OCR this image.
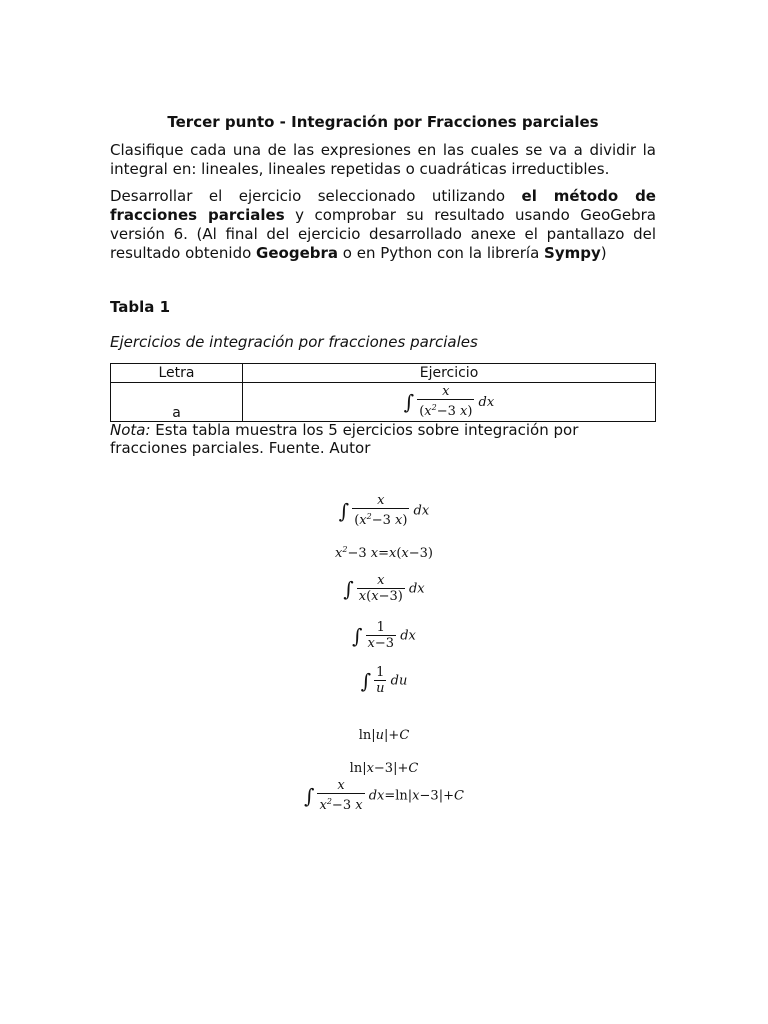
Tercer punto - Integración por Fracciones parciales
Clasifique cada una de las expresiones en las cuales se va a dividir la integral en: lineales, lineales repetidas o cuadráticas irreductibles.
Desarrollar el ejercicio seleccionado utilizando el método de fracciones parciales y comprobar su resultado usando GeoGebra versión 6. (Al final del ejercicio desarrollado anexe el pantallazo del resultado obtenido Geogebra o en Python con la librería Sympy)
Tabla 1
Ejercicios de integración por fracciones parciales
Letra	Ejercicio
a	∫ $\frac{x}{(x^2-3 x)}$ dx
Nota: Esta tabla muestra los 5 ejercicios sobre integración por fracciones parciales. Fuente. Autor
∫ $\frac{x}{(x^2-3 x)}$ dx
$x^2-3$ x=x(x−3)
∫ $\frac{x}{x(x-3)}$ dx
∫ $\frac{1}{x-3}$ dx
∫ $\frac{1}{u}$ du
ln|u|+C
ln|x−3|+C
∫ $\frac{x}{x^2-3 x} dx=\ln|x-3|+C$
